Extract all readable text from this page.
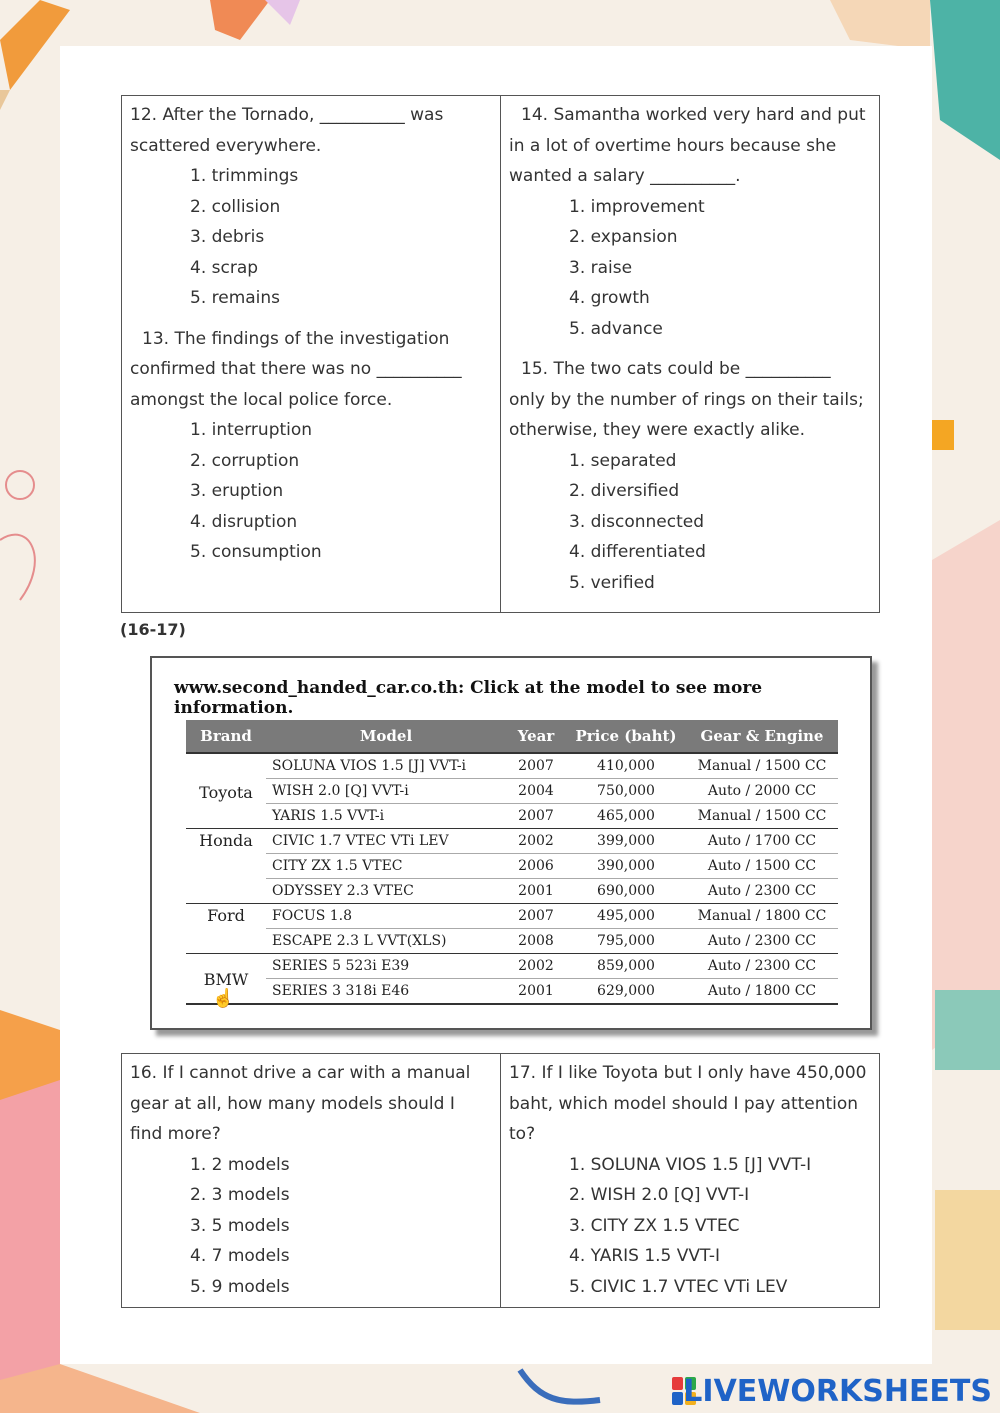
12. After the Tornado, __________ was scattered everywhere.
1. trimmings
2. collision
3. debris
4. scrap
5. remains
13. The findings of the investigation confirmed that there was no __________ amongst the local police force.
1. interruption
2. corruption
3. eruption
4. disruption
5. consumption
14. Samantha worked very hard and put in a lot of overtime hours because she wanted a salary __________.
1. improvement
2. expansion
3. raise
4. growth
5. advance
15. The two cats could be __________ only by the number of rings on their tails; otherwise, they were exactly alike.
1. separated
2. diversified
3. disconnected
4. differentiated
5. verified
(16-17)
www.second_handed_car.co.th: Click at the model to see more information.
Brand	Model	Year	Price (baht)	Gear & Engine
Toyota	SOLUNA VIOS 1.5 [J] VVT-i	2007	410,000	Manual / 1500 CC
	WISH 2.0 [Q] VVT-i	2004	750,000	Auto / 2000 CC
	YARIS 1.5 VVT-i	2007	465,000	Manual / 1500 CC
Honda	CIVIC 1.7 VTEC VTi LEV	2002	399,000	Auto / 1700 CC
	CITY ZX 1.5 VTEC	2006	390,000	Auto / 1500 CC
	ODYSSEY 2.3 VTEC	2001	690,000	Auto / 2300 CC
Ford	FOCUS 1.8	2007	495,000	Manual / 1800 CC
	ESCAPE 2.3 L VVT(XLS)	2008	795,000	Auto / 2300 CC
BMW	SERIES 5 523i E39	2002	859,000	Auto / 2300 CC
	SERIES 3 318i E46	2001	629,000	Auto / 1800 CC
☝
16. If I cannot drive a car with a manual gear at all, how many models should I find more?
1. 2 models
2. 3 models
3. 5 models
4. 7 models
5. 9 models
17. If I like Toyota but I only have 450,000 baht, which model should I pay attention to?
1. SOLUNA VIOS 1.5 [J] VVT-I
2. WISH 2.0 [Q] VVT-I
3. CITY ZX 1.5 VTEC
4. YARIS 1.5 VVT-I
5. CIVIC 1.7 VTEC VTi LEV
LIVEWORKSHEETS
